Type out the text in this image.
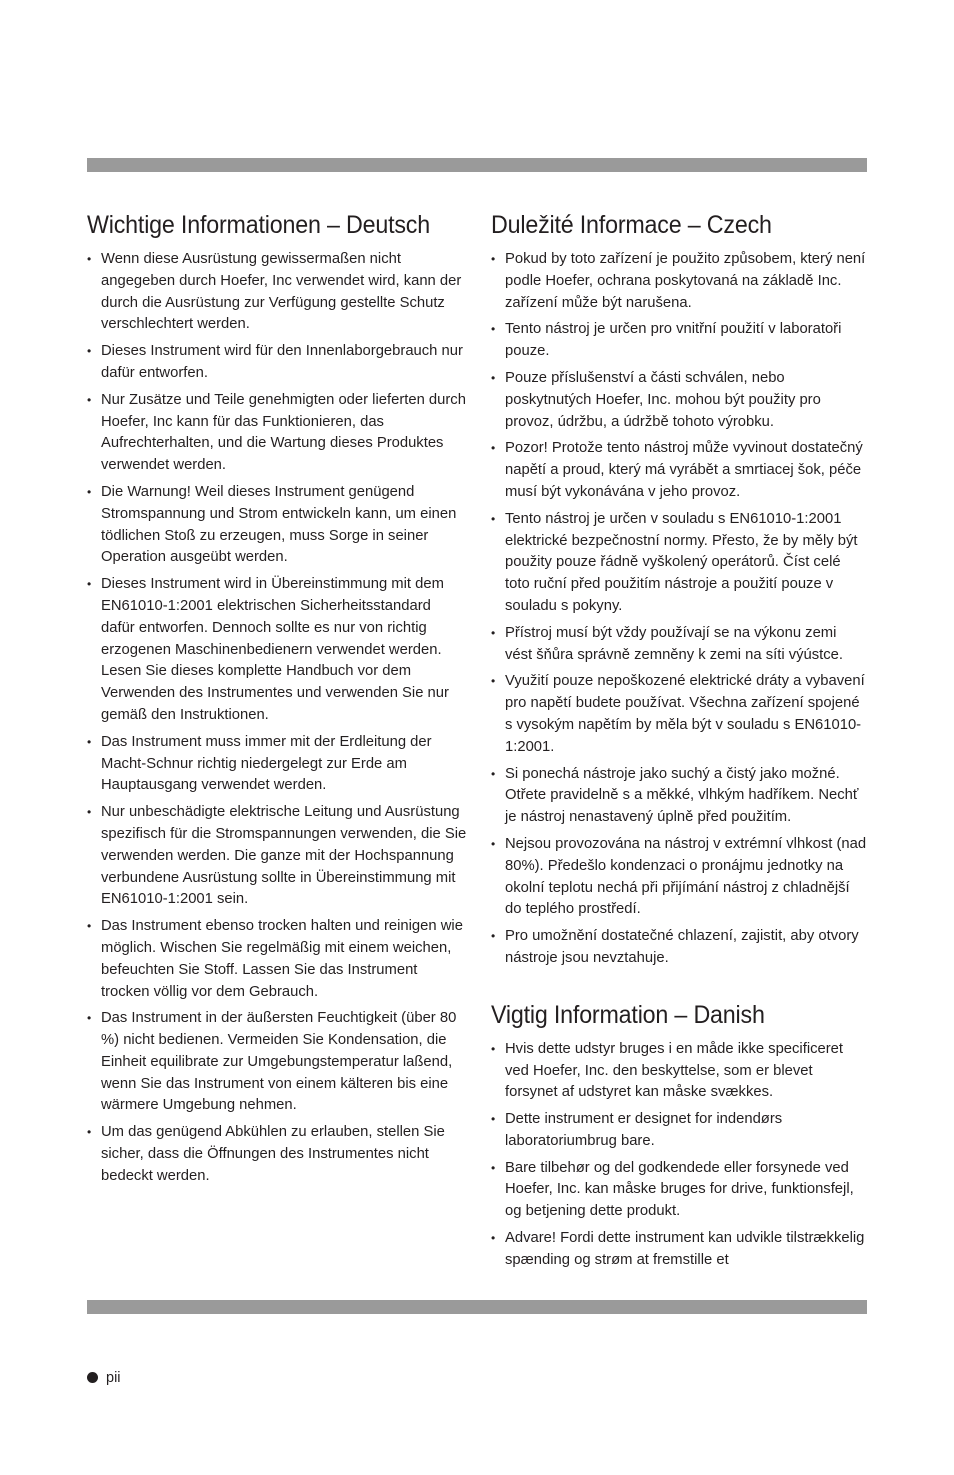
Wichtige Informationen – Deutsch
• Wenn diese Ausrüstung gewissermaßen nicht angegeben durch Hoefer, Inc verwendet wird, kann der durch die Ausrüstung zur Verfügung gestellte Schutz verschlechtert werden.
• Dieses Instrument wird für den Innenlaborgebrauch nur dafür entworfen.
• Nur Zusätze und Teile genehmigten oder lieferten durch Hoefer, Inc kann für das Funktionieren, das Aufrechterhalten, und die Wartung dieses Produktes verwendet werden.
• Die Warnung! Weil dieses Instrument genügend Stromspannung und Strom entwickeln kann, um einen tödlichen Stoß zu erzeugen, muss Sorge in seiner Operation ausgeübt werden.
• Dieses Instrument wird in Übereinstimmung mit dem EN61010-1:2001 elektrischen Sicherheitsstandard dafür entworfen. Dennoch sollte es nur von richtig erzogenen Maschinenbedienern verwendet werden. Lesen Sie dieses komplette Handbuch vor dem Verwenden des Instrumentes und verwenden Sie nur gemäß den Instruktionen.
• Das Instrument muss immer mit der Erdleitung der Macht-Schnur richtig niedergelegt zur Erde am Hauptausgang verwendet werden.
• Nur unbeschädigte elektrische Leitung und Ausrüstung spezifisch für die Stromspannungen verwenden, die Sie verwenden werden. Die ganze mit der Hochspannung verbundene Ausrüstung sollte in Übereinstimmung mit EN61010-1:2001 sein.
• Das Instrument ebenso trocken halten und reinigen wie möglich. Wischen Sie regelmäßig mit einem weichen, befeuchten Sie Stoff. Lassen Sie das Instrument trocken völlig vor dem Gebrauch.
• Das Instrument in der äußersten Feuchtigkeit (über 80 %) nicht bedienen. Vermeiden Sie Kondensation, die Einheit equilibrate zur Umgebungstemperatur laßend, wenn Sie das Instrument von einem kälteren bis eine wärmere Umgebung nehmen.
• Um das genügend Abkühlen zu erlauben, stellen Sie sicher, dass die Öffnungen des Instrumentes nicht bedeckt werden.
Duležité Informace – Czech
• Pokud by toto zařízení je použito způsobem, který není podle Hoefer, ochrana poskytovaná na základě Inc. zařízení může být narušena.
• Tento nástroj je určen pro vnitřní použití v laboratoři pouze.
• Pouze příslušenství a části schválen, nebo poskytnutých Hoefer, Inc. mohou být použity pro provoz, údržbu, a údržbě tohoto výrobku.
• Pozor! Protože tento nástroj může vyvinout dostatečný napětí a proud, který má vyrábět a smrtiacej šok, péče musí být vykonávána v jeho provoz.
• Tento nástroj je určen v souladu s EN61010-1:2001 elektrické bezpečnostní normy. Přesto, že by měly být použity pouze řádně vyškolený operátorů. Číst celé toto ruční před použitím nástroje a použití pouze v souladu s pokyny.
• Přístroj musí být vždy používají se na výkonu zemi vést šňůra správně zemněny k zemi na síti výústce.
• Využití pouze nepoškozené elektrické dráty a vybavení pro napětí budete používat. Všechna zařízení spojené s vysokým napětím by měla být v souladu s EN61010-1:2001.
• Si ponechá nástroje jako suchý a čistý jako možné. Otřete pravidelně s a měkké, vlhkým hadříkem. Nechť je nástroj nenastavený úplně před použitím.
• Nejsou provozována na nástroj v extrémní vlhkost (nad 80%). Předešlo kondenzaci o pronájmu jednotky na okolní teplotu nechá při přijímání nástroj z chladnější do teplého prostředí.
• Pro umožnění dostatečné chlazení, zajistit, aby otvory nástroje jsou nevztahuje.
Vigtig Information – Danish
• Hvis dette udstyr bruges i en måde ikke specificeret ved Hoefer, Inc. den beskyttelse, som er blevet forsynet af udstyret kan måske svækkes.
• Dette instrument er designet for indendørs laboratoriumbrug bare.
• Bare tilbehør og del godkendede eller forsynede ved Hoefer, Inc. kan måske bruges for drive, funktionsfejl, og betjening dette produkt.
• Advare! Fordi dette instrument kan udvikle tilstrækkelig spænding og strøm at fremstille et
pii
